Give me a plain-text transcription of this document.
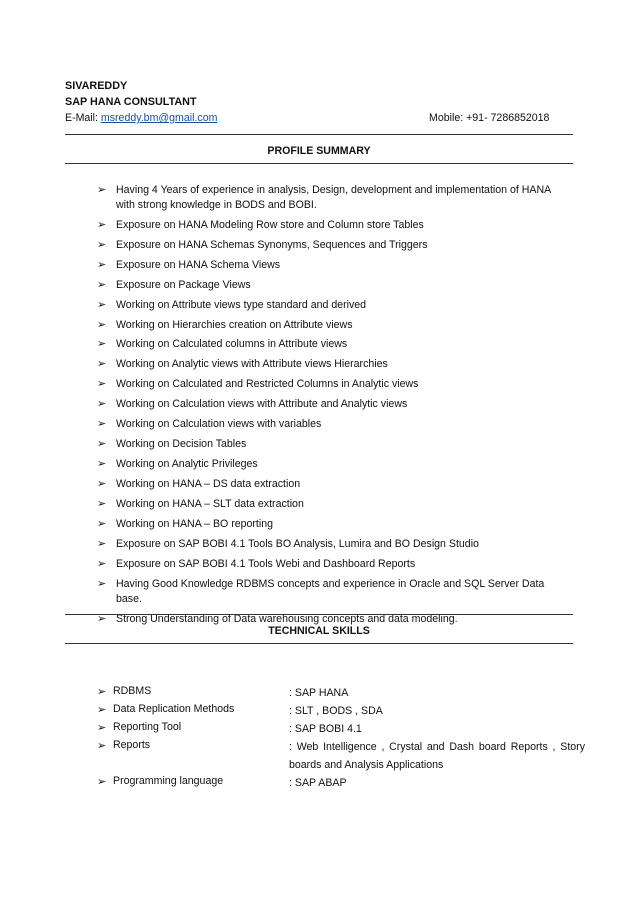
SIVAREDDY
SAP HANA CONSULTANT
E-Mail: msreddy.bm@gmail.com	Mobile: +91- 7286852018
PROFILE SUMMARY
➢ Having 4 Years of experience in analysis, Design, development and implementation of HANA with strong knowledge in BODS and BOBI.
➢ Exposure on HANA Modeling Row store and Column store Tables
➢ Exposure on HANA Schemas Synonyms, Sequences and Triggers
➢ Exposure on HANA Schema Views
➢ Exposure on Package Views
➢ Working on Attribute views type standard and derived
➢ Working on Hierarchies creation on Attribute views
➢ Working on Calculated columns in Attribute views
➢ Working on Analytic views with Attribute views Hierarchies
➢ Working on Calculated and Restricted Columns in Analytic views
➢ Working on Calculation views with Attribute and Analytic views
➢ Working on Calculation views with variables
➢ Working on Decision Tables
➢ Working on Analytic Privileges
➢ Working on HANA – DS data extraction
➢ Working on HANA – SLT data extraction
➢ Working on HANA – BO reporting
➢ Exposure on SAP BOBI 4.1 Tools BO Analysis, Lumira and BO Design Studio
➢ Exposure on SAP BOBI 4.1 Tools Webi and Dashboard Reports
➢ Having Good Knowledge RDBMS concepts and experience in Oracle and SQL Server Data base.
➢ Strong Understanding of Data warehousing concepts and data modeling.
TECHNICAL SKILLS
➢ RDBMS	: SAP HANA
➢ Data Replication Methods	: SLT , BODS , SDA
➢ Reporting Tool	: SAP BOBI 4.1
➢ Reports	: Web Intelligence , Crystal and Dash board Reports , Story boards and Analysis Applications
➢ Programming language	: SAP ABAP
